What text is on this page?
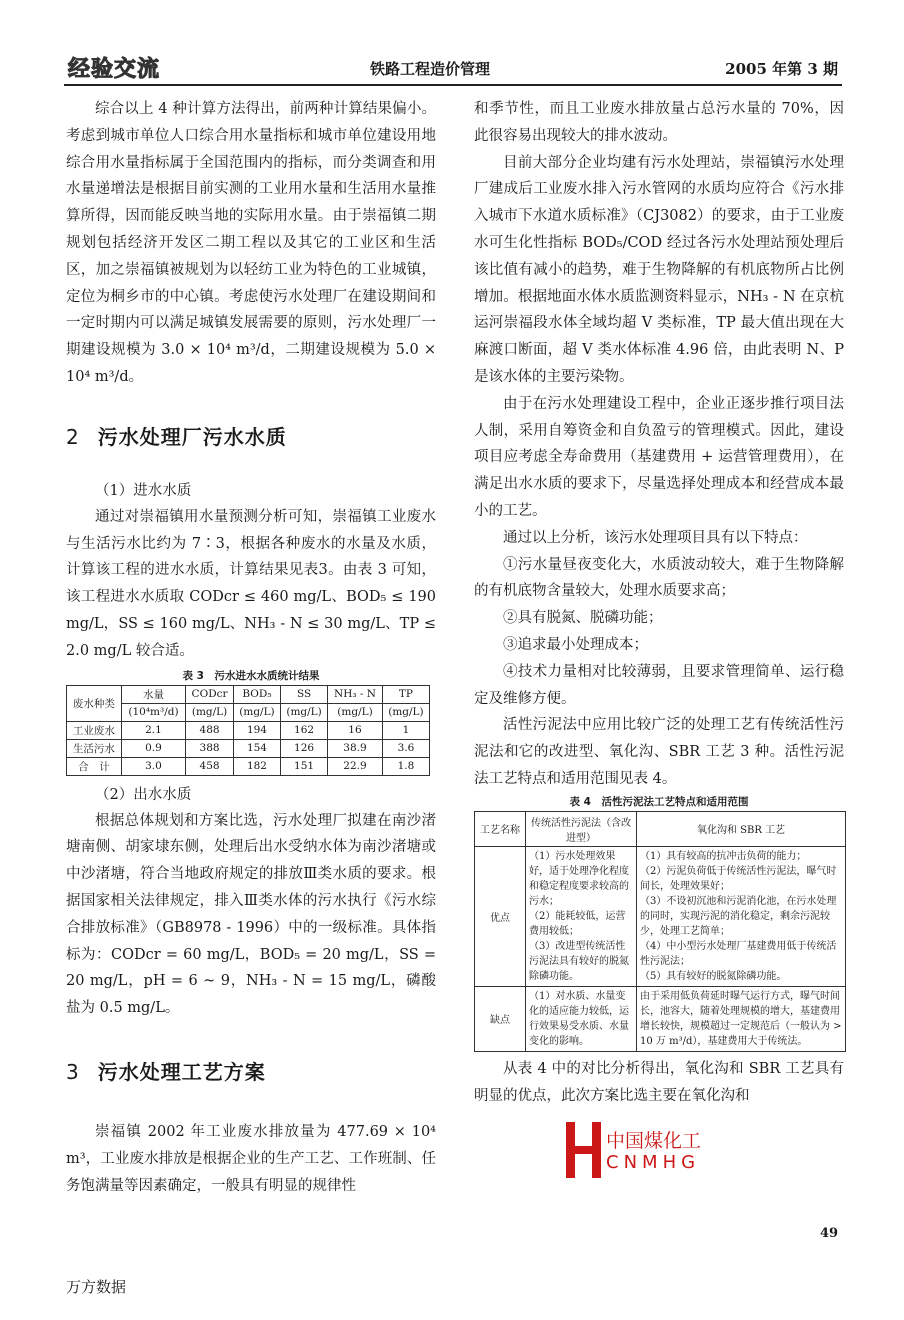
经验交流	铁路工程造价管理	2005 年第 3 期

综合以上 4 种计算方法得出，前两种计算结果偏小。考虑到城市单位人口综合用水量指标和城市单位建设用地综合用水量指标属于全国范围内的指标，而分类调查和用水量递增法是根据目前实测的工业用水量和生活用水量推算所得，因而能反映当地的实际用水量。由于崇福镇二期规划包括经济开发区二期工程以及其它的工业区和生活区，加之崇福镇被规划为以轻纺工业为特色的工业城镇，定位为桐乡市的中心镇。考虑使污水处理厂在建设期间和一定时期内可以满足城镇发展需要的原则，污水处理厂一期建设规模为 3.0 × 10⁴ m³/d，二期建设规模为 5.0 × 10⁴ m³/d。

2 污水处理厂污水水质

（1）进水水质

通过对崇福镇用水量预测分析可知，崇福镇工业废水与生活污水比约为 7∶3，根据各种废水的水量及水质，计算该工程的进水水质，计算结果见表3。由表 3 可知，该工程进水水质取 CODcr ≤ 460 mg/L、BOD₅ ≤ 190 mg/L，SS ≤ 160 mg/L、NH₃ - N ≤ 30 mg/L、TP ≤ 2.0 mg/L 较合适。

表 3　污水进水水质统计结果

废水种类	水量	CODcr	BOD₅	SS	NH₃ - N	TP
	(10⁴m³/d)	(mg/L)	(mg/L)	(mg/L)	(mg/L)	(mg/L)
工业废水	2.1	488	194	162	16	1
生活污水	0.9	388	154	126	38.9	3.6
合　计	3.0	458	182	151	22.9	1.8

（2）出水水质

根据总体规划和方案比选，污水处理厂拟建在南沙渚塘南侧、胡家埭东侧，处理后出水受纳水体为南沙渚塘或中沙渚塘，符合当地政府规定的排放Ⅲ类水质的要求。根据国家相关法律规定，排入Ⅲ类水体的污水执行《污水综合排放标准》（GB8978 - 1996）中的一级标准。具体指标为：CODcr = 60 mg/L，BOD₅ = 20 mg/L，SS = 20 mg/L，pH = 6 ~ 9，NH₃ - N = 15 mg/L，磷酸盐为 0.5 mg/L。

3 污水处理工艺方案

崇福镇 2002 年工业废水排放量为 477.69 × 10⁴ m³，工业废水排放是根据企业的生产工艺、工作班制、任务饱满量等因素确定，一般具有明显的规律性

和季节性，而且工业废水排放量占总污水量的 70%，因此很容易出现较大的排水波动。

目前大部分企业均建有污水处理站，崇福镇污水处理厂建成后工业废水排入污水管网的水质均应符合《污水排入城市下水道水质标准》（CJ3082）的要求，由于工业废水可生化性指标 BOD₅/COD 经过各污水处理站预处理后该比值有减小的趋势，难于生物降解的有机底物所占比例增加。根据地面水体水质监测资料显示，NH₃ - N 在京杭运河崇福段水体全域均超 V 类标准，TP 最大值出现在大麻渡口断面，超 V 类水体标准 4.96 倍，由此表明 N、P 是该水体的主要污染物。

由于在污水处理建设工程中，企业正逐步推行项目法人制，采用自筹资金和自负盈亏的管理模式。因此，建设项目应考虑全寿命费用（基建费用 + 运营管理费用），在满足出水水质的要求下，尽量选择处理成本和经营成本最小的工艺。

通过以上分析，该污水处理项目具有以下特点：

①污水量昼夜变化大，水质波动较大，难于生物降解的有机底物含量较大，处理水质要求高；

②具有脱氮、脱磷功能；

③追求最小处理成本；

④技术力量相对比较薄弱，且要求管理简单、运行稳定及维修方便。

活性污泥法中应用比较广泛的处理工艺有传统活性污泥法和它的改进型、氧化沟、SBR 工艺 3 种。活性污泥法工艺特点和适用范围见表 4。

表 4　活性污泥法工艺特点和适用范围

工艺名称	传统活性污泥法（含改进型）	氧化沟和 SBR 工艺
优点	（1）污水处理效果好，适于处理净化程度和稳定程度要求较高的污水；
（2）能耗较低，运营费用较低；
（3）改进型传统活性污泥法具有较好的脱氮除磷功能。	（1）具有较高的抗冲击负荷的能力；
（2）污泥负荷低于传统活性污泥法，曝气时间长，处理效果好；
（3）不设初沉池和污泥消化池，在污水处理的同时，实现污泥的消化稳定，剩余污泥较少，处理工艺简单；
（4）中小型污水处理厂基建费用低于传统活性污泥法；
（5）具有较好的脱氮除磷功能。
缺点	（1）对水质、水量变化的适应能力较低，运行效果易受水质、水量变化的影响。	由于采用低负荷延时曝气运行方式，曝气时间长，池容大，随着处理规模的增大，基建费用增长较快，规模超过一定规范后（一般认为 > 10 万 m³/d），基建费用大于传统法。

从表 4 中的对比分析得出，氧化沟和 SBR 工艺具有明显的优点，此次方案比选主要在氧化沟和

中国煤化工
CNMHG
49
万方数据
